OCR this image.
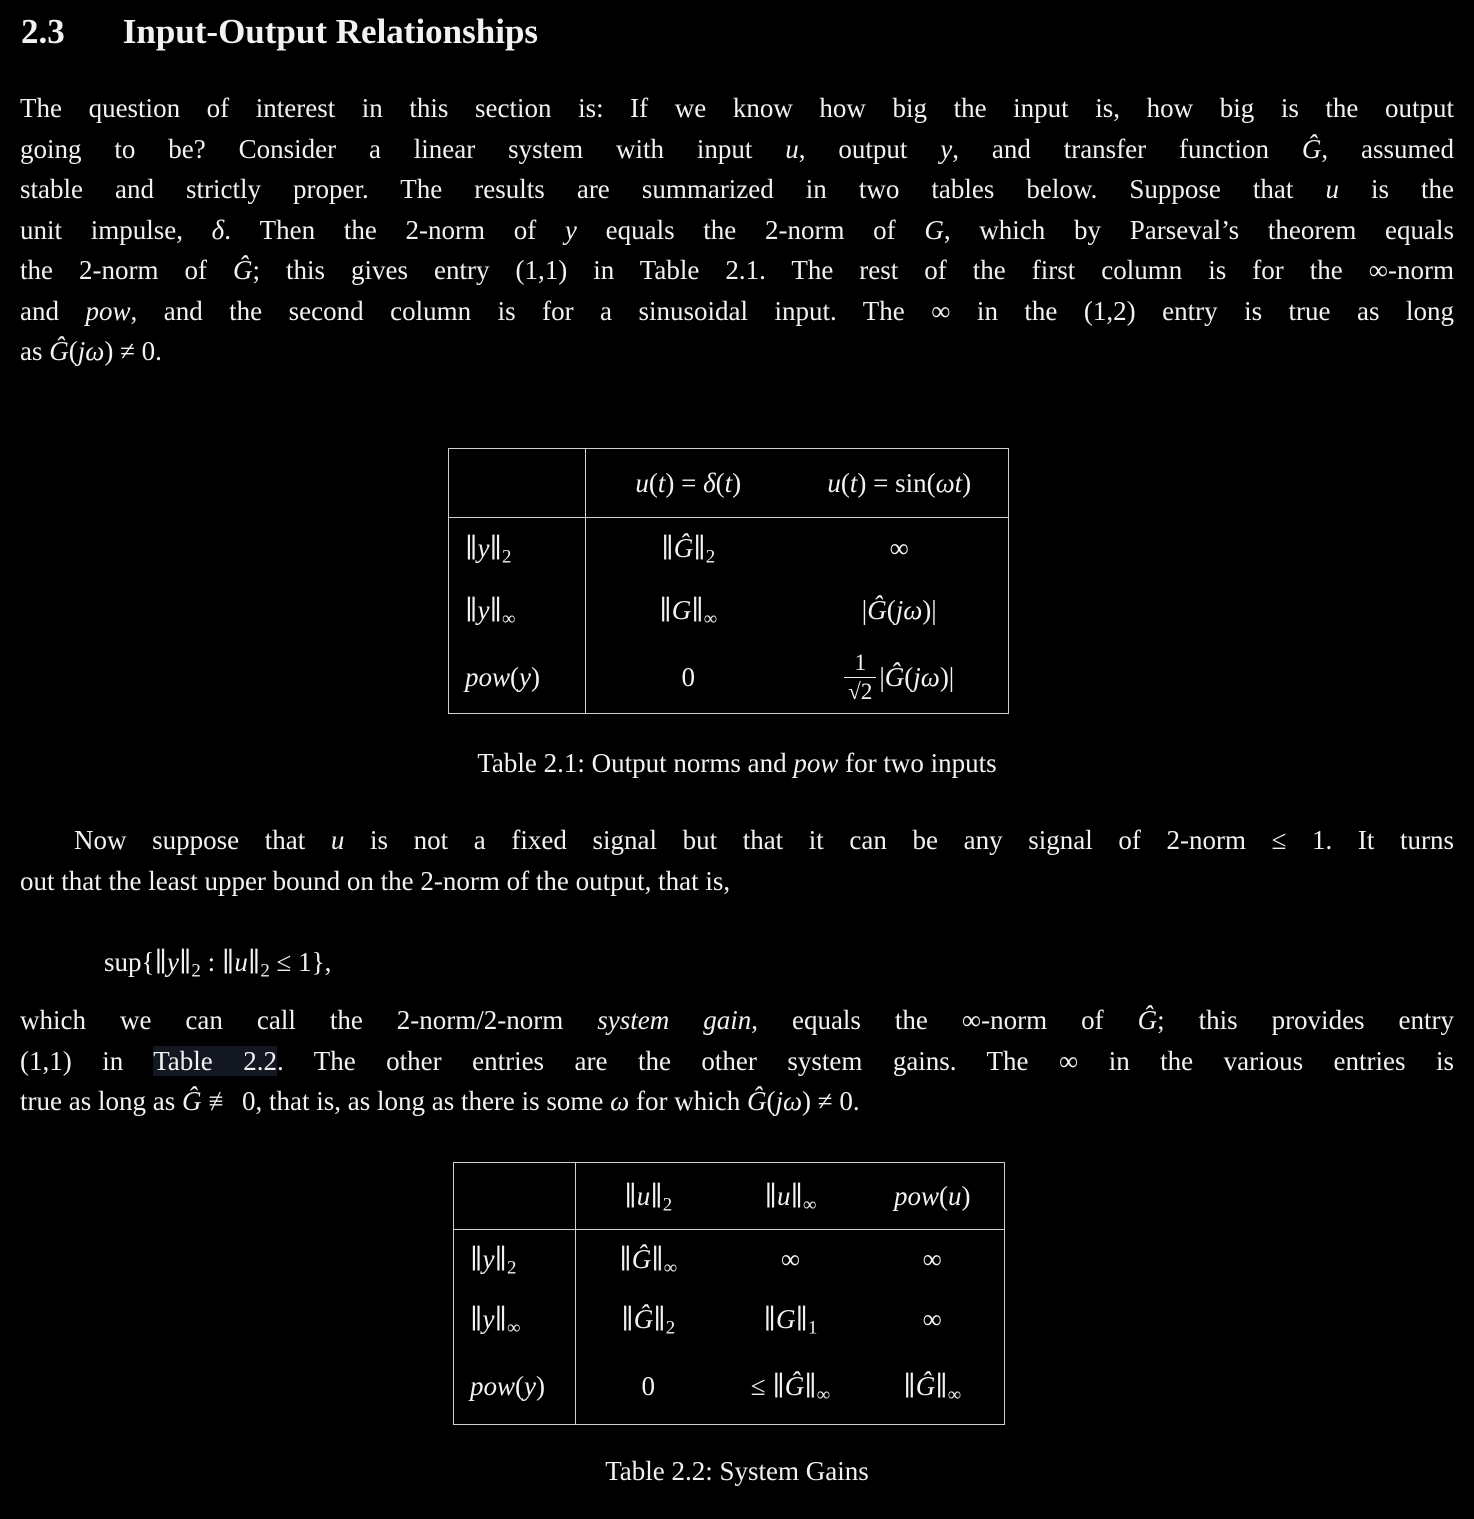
2.3 Input-Output Relationships
The question of interest in this section is: If we know how big the input is, how big is the output
going to be? Consider a linear system with input u, output y, and transfer function Ĝ, assumed
stable and strictly proper. The results are summarized in two tables below. Suppose that u is the
unit impulse, δ. Then the 2-norm of y equals the 2-norm of G, which by Parseval’s theorem equals
the 2-norm of Ĝ; this gives entry (1,1) in Table 2.1. The rest of the first column is for the ∞-norm
and pow, and the second column is for a sinusoidal input. The ∞ in the (1,2) entry is true as long
as Ĝ(jω) ≠ 0.
	u(t) = δ(t)	u(t) = sin(ωt)
$\parallel y\parallel_2$	$\parallel Ĝ\parallel_2$	∞
$\parallel y\parallel_\infty$	$\parallel G\parallel_\infty$	|Ĝ(jω)|
pow(y)	0	$\frac{1}{√2}$ |Ĝ(jω)|
Table 2.1: Output norms and pow for two inputs
Now suppose that u is not a fixed signal but that it can be any signal of 2-norm ≤ 1. It turns
out that the least upper bound on the 2-norm of the output, that is,
$sup\{\parallel y\parallel_2$ : $\parallel u\parallel_2 \le 1$},
which we can call the 2-norm/2-norm system gain, equals the ∞-norm of Ĝ; this provides entry
(1,1) in Table 2.2. The other entries are the other system gains. The ∞ in the various entries is
true as long as Ĝ ≢ 0, that is, as long as there is some ω for which Ĝ(jω) ≠ 0.
	$\parallel u\parallel_2$	$\parallel u\parallel_\infty$	pow(u)
$\parallel y\parallel_2$	$\parallel Ĝ\parallel_\infty$	∞	∞
$\parallel y\parallel_\infty$	$\parallel Ĝ\parallel_2$	$\parallel G\parallel_1$	∞
pow(y)	0	≤ $\parallel Ĝ\parallel_\infty$	$\parallel Ĝ\parallel_\infty$
Table 2.2: System Gains
